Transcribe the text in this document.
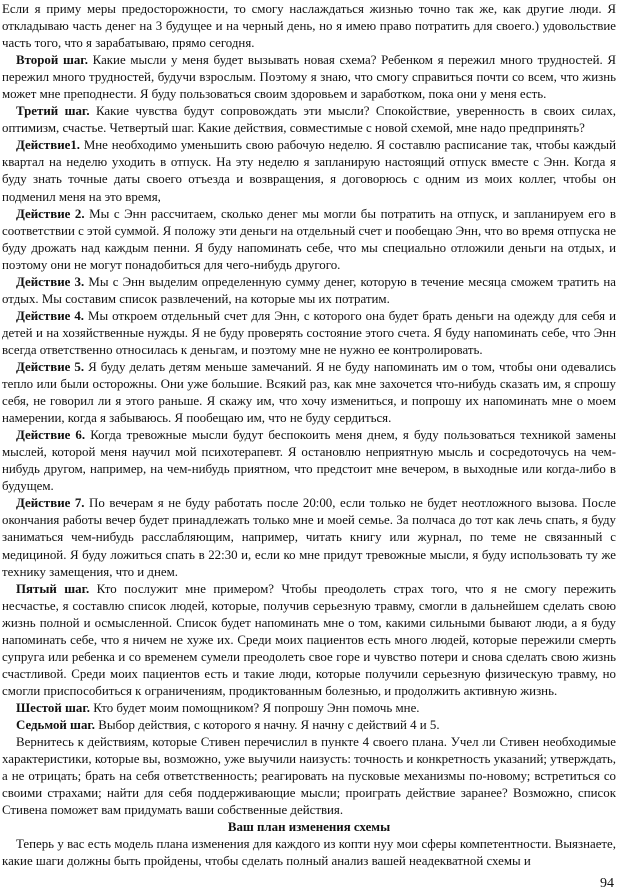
Если я приму меры предосторожности, то смогу наслаждаться жизнью точно так же, как другие люди. Я откладываю часть денег на 3 будущее и на черный день, но я имею право потратить для своего.) удовольствие часть того, что я зарабатываю, прямо сегодня.

Второй шаг. Какие мысли у меня будет вызывать новая схема? Ребенком я пережил много трудностей. Я пережил много трудностей, будучи взрослым. Поэтому я знаю, что смогу справиться почти со всем, что жизнь может мне преподнести. Я буду пользоваться своим здоровьем и заработком, пока они у меня есть.

Третий шаг. Какие чувства будут сопровождать эти мысли? Спокойствие, уверенность в своих силах, оптимизм, счастье. Четвертый шаг. Какие действия, совместимые с новой схемой, мне надо предпринять?

Действие1. Мне необходимо уменьшить свою рабочую неделю. Я составлю расписание так, чтобы каждый квартал на неделю уходить в отпуск. На эту неделю я запланирую настоящий отпуск вместе с Энн. Когда я буду знать точные даты своего отъезда и возвращения, я договорюсь с одним из моих коллег, чтобы он подменил меня на это время,

Действие 2. Мы с Энн рассчитаем, сколько денег мы могли бы потратить на отпуск, и запланируем его в соответствии с этой суммой. Я положу эти деньги на отдельный счет и пообещаю Энн, что во время отпуска не буду дрожать над каждым пенни. Я буду напоминать себе, что мы специально отложили деньги на отдых, и поэтому они не могут понадобиться для чего-нибудь другого.

Действие 3. Мы с Энн выделим определенную сумму денег, которую в течение месяца сможем тратить на отдых. Мы составим список развлечений, на которые мы их потратим.

Действие 4. Мы откроем отдельный счет для Энн, с которого она будет брать деньги на одежду для себя и детей и на хозяйственные нужды. Я не буду проверять состояние этого счета. Я буду напоминать себе, что Энн всегда ответственно относилась к деньгам, и поэтому мне не нужно ее контролировать.

Действие 5. Я буду делать детям меньше замечаний. Я не буду напоминать им о том, чтобы они одевались тепло или были осторожны. Они уже большие. Всякий раз, как мне захочется что-нибудь сказать им, я спрошу себя, не говорил ли я этого раньше. Я скажу им, что хочу измениться, и попрошу их напоминать мне о моем намерении, когда я забываюсь. Я пообещаю им, что не буду сердиться.

Действие 6. Когда тревожные мысли будут беспокоить меня днем, я буду пользоваться техникой замены мыслей, которой меня научил мой психотерапевт. Я остановлю неприятную мысль и сосредоточусь на чем-нибудь другом, например, на чем-нибудь приятном, что предстоит мне вечером, в выходные или когда-либо в будущем.

Действие 7. По вечерам я не буду работать после 20:00, если только не будет неотложного вызова. После окончания работы вечер будет принадлежать только мне и моей семье. За полчаса до тот как лечь спать, я буду заниматься чем-нибудь расслабляющим, например, читать книгу или журнал, по теме не связанный с медициной. Я буду ложиться спать в 22:30 и, если ко мне придут тревожные мысли, я буду использовать ту же технику замещения, что и днем.

Пятый шаг. Кто послужит мне примером? Чтобы преодолеть страх того, что я не смогу пережить несчастье, я составлю список людей, которые, получив серьезную травму, смогли в дальнейшем сделать свою жизнь полной и осмысленной. Список будет напоминать мне о том, какими сильными бывают люди, а я буду напоминать себе, что я ничем не хуже их. Среди моих пациентов есть много людей, которые пережили смерть супруга или ребенка и со временем сумели преодолеть свое горе и чувство потери и снова сделать свою жизнь счастливой. Среди моих пациентов есть и такие люди, которые получили серьезную физическую травму, но смогли приспособиться к ограничениям, продиктованным болезнью, и продолжить активную жизнь.

Шестой шаг. Кто будет моим помощником? Я попрошу Энн помочь мне.

Седьмой шаг. Выбор действия, с которого я начну. Я начну с действий 4 и 5.

Вернитесь к действиям, которые Стивен перечислил в пункте 4 своего плана. Учел ли Стивен необходимые характеристики, которые вы, возможно, уже выучили наизусть: точность и конкретность указаний; утверждать, а не отрицать; брать на себя ответственность; реагировать на пусковые механизмы по-новому; встретиться со своими страхами; найти для себя поддерживающие мысли; проиграть действие заранее? Возможно, список Стивена поможет вам придумать ваши собственные действия.

Ваш план изменения схемы

Теперь у вас есть модель плана изменения для каждого из копти нуу мои сферы компетентности. Выязнаете, какие шаги должны быть пройдены, чтобы сделать полный анализ вашей неадекватной схемы и

94
